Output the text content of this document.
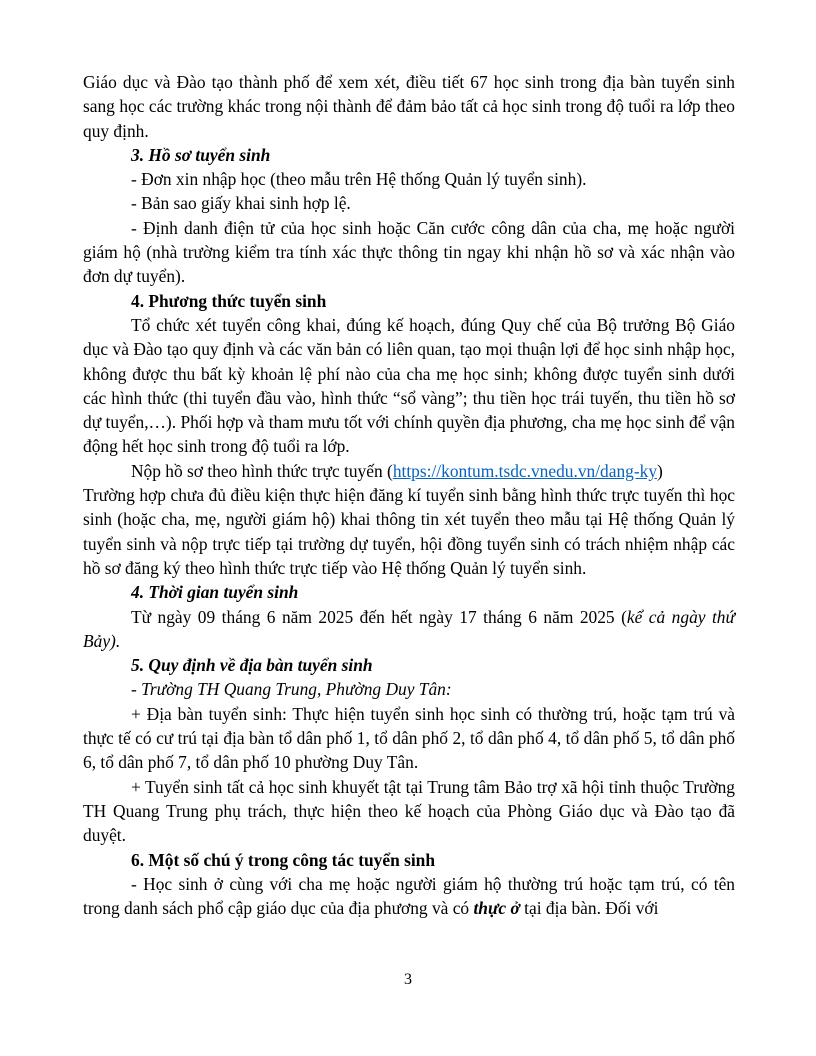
Giáo dục và Đào tạo thành phố để xem xét, điều tiết 67 học sinh trong địa bàn tuyển sinh sang học các trường khác trong nội thành để đảm bảo tất cả học sinh trong độ tuổi ra lớp theo quy định.

3. Hồ sơ tuyển sinh

- Đơn xin nhập học (theo mẫu trên Hệ thống Quản lý tuyển sinh).

- Bản sao giấy khai sinh hợp lệ.

- Định danh điện tử của học sinh hoặc Căn cước công dân của cha, mẹ hoặc người giám hộ (nhà trường kiểm tra tính xác thực thông tin ngay khi nhận hồ sơ và xác nhận vào đơn dự tuyển).

4. Phương thức tuyển sinh

Tổ chức xét tuyển công khai, đúng kế hoạch, đúng Quy chế của Bộ trưởng Bộ Giáo dục và Đào tạo quy định và các văn bản có liên quan, tạo mọi thuận lợi để học sinh nhập học, không được thu bất kỳ khoản lệ phí nào của cha mẹ học sinh; không được tuyển sinh dưới các hình thức (thi tuyển đầu vào, hình thức “sổ vàng”; thu tiền học trái tuyến, thu tiền hồ sơ dự tuyển,…). Phối hợp và tham mưu tốt với chính quyền địa phương, cha mẹ học sinh để vận động hết học sinh trong độ tuổi ra lớp.

Nộp hồ sơ theo hình thức trực tuyến (https://kontum.tsdc.vnedu.vn/dang-ky)

Trường hợp chưa đủ điều kiện thực hiện đăng kí tuyển sinh bằng hình thức trực tuyến thì học sinh (hoặc cha, mẹ, người giám hộ) khai thông tin xét tuyển theo mẫu tại Hệ thống Quản lý tuyển sinh và nộp trực tiếp tại trường dự tuyển, hội đồng tuyển sinh có trách nhiệm nhập các hồ sơ đăng ký theo hình thức trực tiếp vào Hệ thống Quản lý tuyển sinh.

4. Thời gian tuyển sinh

Từ ngày 09 tháng 6 năm 2025 đến hết ngày 17 tháng 6 năm 2025 (kể cả ngày thứ Bảy).

5. Quy định về địa bàn tuyển sinh

- Trường TH Quang Trung, Phường Duy Tân:

+ Địa bàn tuyển sinh: Thực hiện tuyển sinh học sinh có thường trú, hoặc tạm trú và thực tế có cư trú tại địa bàn tổ dân phố 1, tổ dân phố 2, tổ dân phố 4, tổ dân phố 5, tổ dân phố 6, tổ dân phố 7, tổ dân phố 10 phường Duy Tân.

+ Tuyển sinh tất cả học sinh khuyết tật tại Trung tâm Bảo trợ xã hội tỉnh thuộc Trường TH Quang Trung phụ trách, thực hiện theo kế hoạch của Phòng Giáo dục và Đào tạo đã duyệt.

6. Một số chú ý trong công tác tuyển sinh

- Học sinh ở cùng với cha mẹ hoặc người giám hộ thường trú hoặc tạm trú, có tên trong danh sách phổ cập giáo dục của địa phương và có thực ở tại địa bàn. Đối với

3
